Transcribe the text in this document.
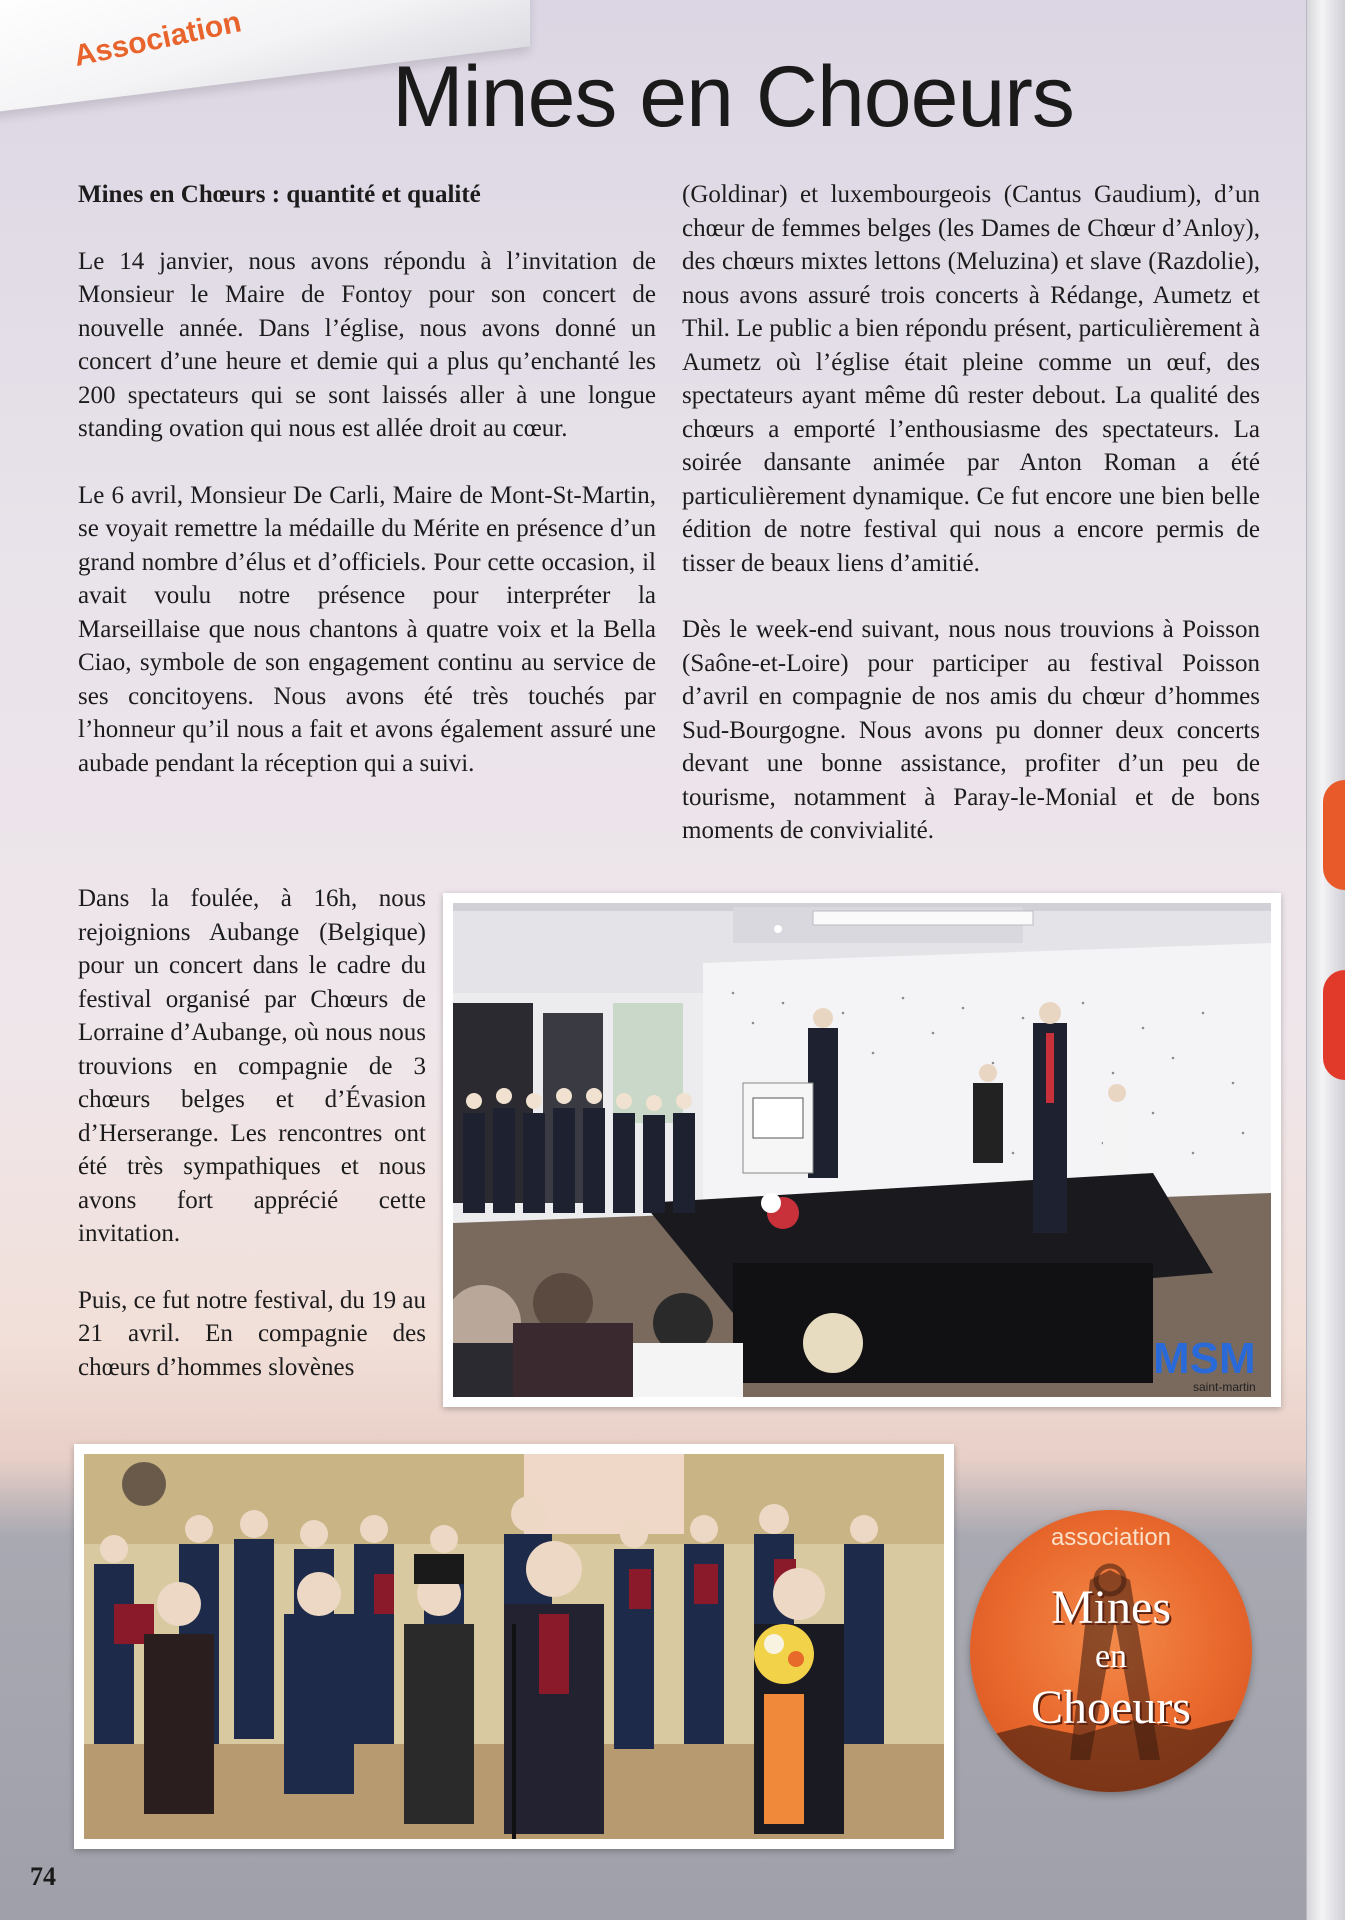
Association
Mines en Choeurs
Mines en Chœurs : quantité et qualité

Le 14 janvier, nous avons répondu à l’invitation de Monsieur le Maire de Fontoy pour son concert de nouvelle année. Dans l’église, nous avons donné un concert d’une heure et demie qui a plus qu’enchanté les 200 spectateurs qui se sont laissés aller à une longue standing ovation qui nous est allée droit au cœur.

Le 6 avril, Monsieur De Carli, Maire de Mont-St-Martin, se voyait remettre la médaille du Mérite en présence d’un grand nombre d’élus et d’officiels. Pour cette occasion, il avait voulu notre présence pour interpréter la Marseillaise que nous chantons à quatre voix et la Bella Ciao, symbole de son engagement continu au service de ses concitoyens. Nous avons été très touchés par l’honneur qu’il nous a fait et avons également assuré une aubade pendant la réception qui a suivi.

Dans la foulée, à 16h, nous rejoignions Aubange (Belgique) pour un concert dans le cadre du festival organisé par Chœurs de Lorraine d’Aubange, où nous nous trouvions en compagnie de 3 chœurs belges et d’Évasion d’Herserange. Les rencontres ont été très sympathiques et nous avons fort apprécié cette invitation.

Puis, ce fut notre festival, du 19 au 21 avril. En compagnie des chœurs d’hommes slovènes

(Goldinar) et luxembourgeois (Cantus Gaudium), d’un chœur de femmes belges (les Dames de Chœur d’Anloy), des chœurs mixtes lettons (Meluzina) et slave (Razdolie), nous avons assuré trois concerts à Rédange, Aumetz et Thil. Le public a bien répondu présent, particulièrement à Aumetz où l’église était pleine comme un œuf, des spectateurs ayant même dû rester debout. La qualité des chœurs a emporté l’enthousiasme des spectateurs. La soirée dansante animée par Anton Roman a été particulièrement dynamique. Ce fut encore une bien belle édition de notre festival qui nous a encore permis de tisser de beaux liens d’amitié.

Dès le week-end suivant, nous nous trouvions à Poisson (Saône-et-Loire) pour participer au festival Poisson d’avril en compagnie de nos amis du chœur d’hommes Sud-Bourgogne. Nous avons pu donner deux concerts devant une bonne assistance, profiter d’un peu de tourisme, notamment à Paray-le-Monial et de bons moments de convivialité.

MSM
saint-martin
association
Mines
en
Choeurs
74
